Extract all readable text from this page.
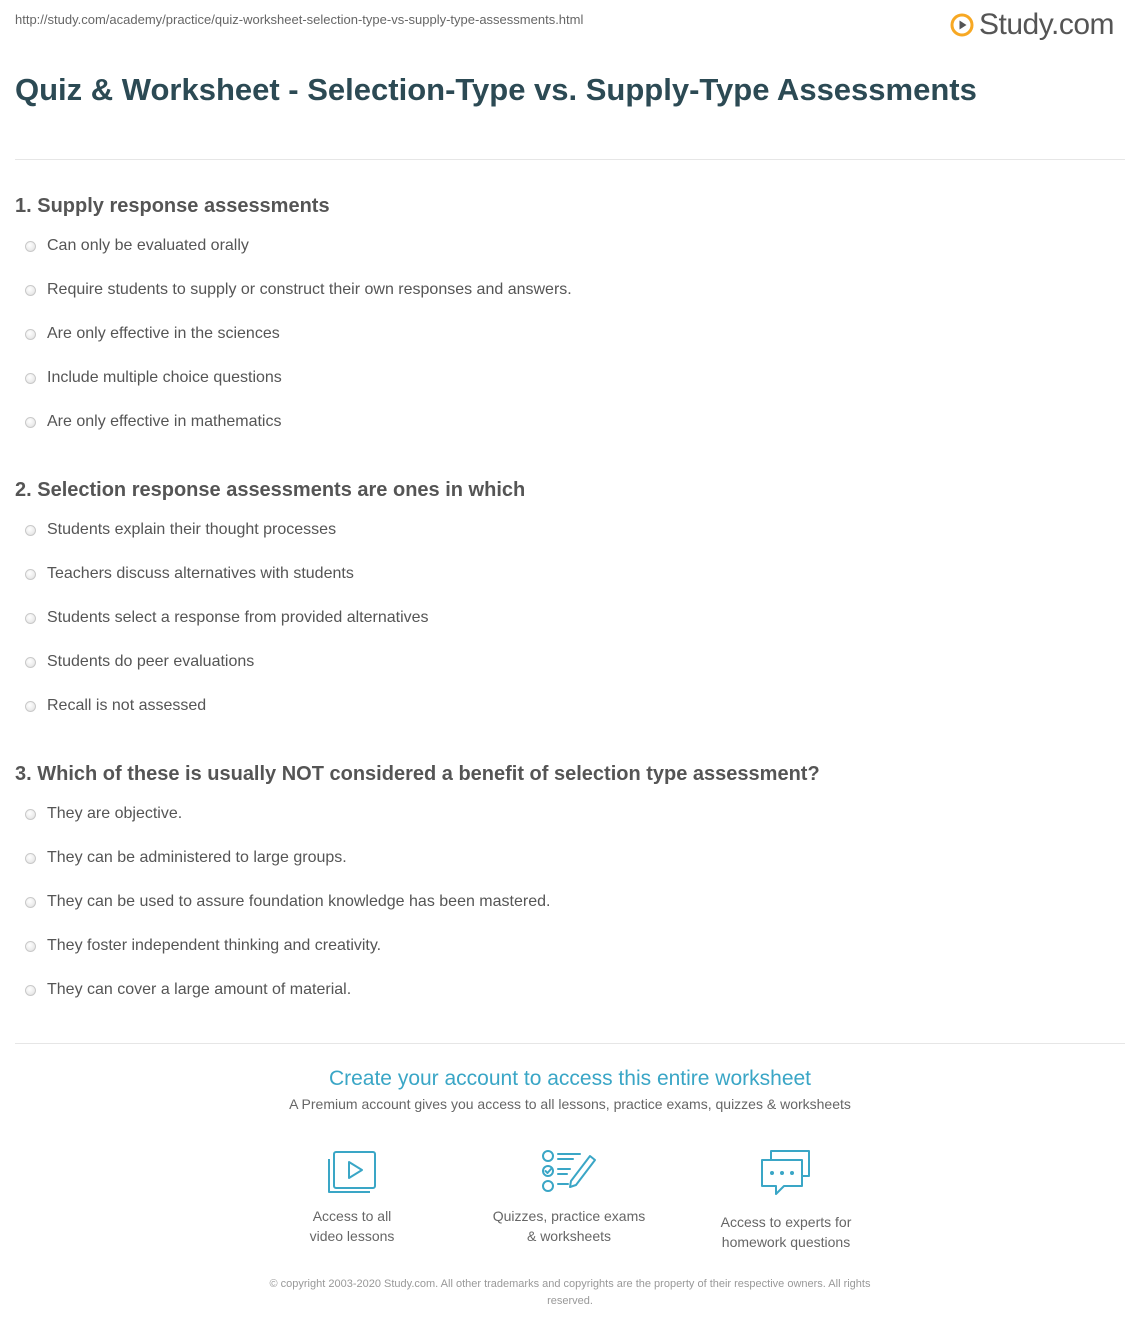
http://study.com/academy/practice/quiz-worksheet-selection-type-vs-supply-type-assessments.html	Study.com
Quiz & Worksheet - Selection-Type vs. Supply-Type Assessments

1. Supply response assessments

Can only be evaluated orally
Require students to supply or construct their own responses and answers.
Are only effective in the sciences
Include multiple choice questions
Are only effective in mathematics

2. Selection response assessments are ones in which

Students explain their thought processes
Teachers discuss alternatives with students
Students select a response from provided alternatives
Students do peer evaluations
Recall is not assessed

3. Which of these is usually NOT considered a benefit of selection type assessment?

They are objective.
They can be administered to large groups.
They can be used to assure foundation knowledge has been mastered.
They foster independent thinking and creativity.
They can cover a large amount of material.
Create your account to access this entire worksheet
A Premium account gives you access to all lessons, practice exams, quizzes & worksheets
Access to all
video lessons
Quizzes, practice exams
& worksheets
Access to experts for
homework questions
© copyright 2003-2020 Study.com. All other trademarks and copyrights are the property of their respective owners. All rights
reserved.
